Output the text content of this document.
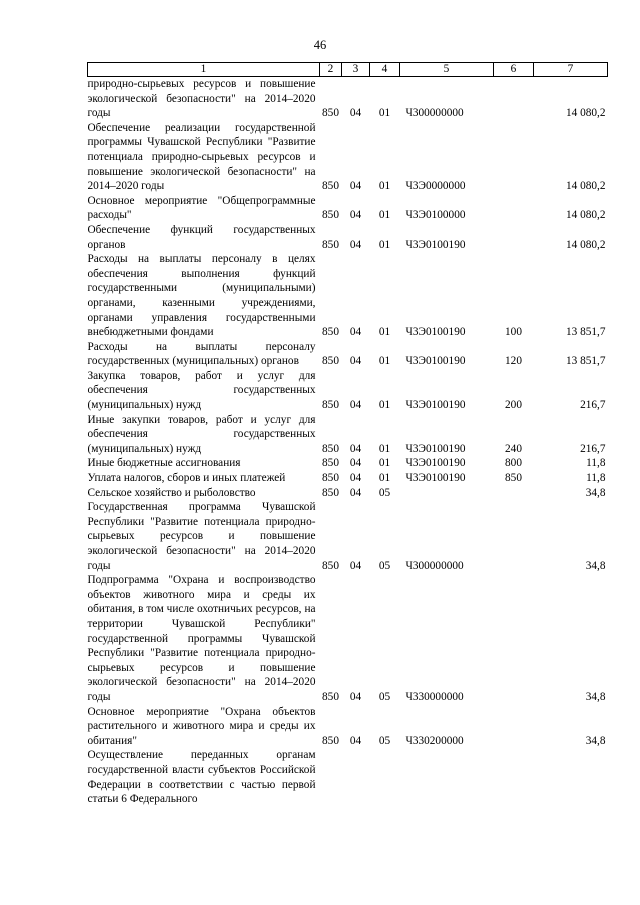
46
1	2	3	4	5	6	7
природно-сырьевых ресурсов и повышение экологической безопасности" на 2014–2020 годы	850	04	01	Ч300000000		14 080,2
Обеспечение реализации государственной программы Чувашской Республики "Развитие потенциала природно-сырьевых ресурсов и повышение экологической безопасности" на 2014–2020 годы	850	04	01	Ч3Э0000000		14 080,2
Основное мероприятие "Общепрограммные расходы"	850	04	01	Ч3Э0100000		14 080,2
Обеспечение функций государственных органов	850	04	01	Ч3Э0100190		14 080,2
Расходы на выплаты персоналу в целях обеспечения выполнения функций государственными (муниципальными) органами, казенными учреждениями, органами управления государственными внебюджетными фондами	850	04	01	Ч3Э0100190	100	13 851,7
Расходы на выплаты персоналу государственных (муниципальных) органов	850	04	01	Ч3Э0100190	120	13 851,7
Закупка товаров, работ и услуг для обеспечения государственных (муниципальных) нужд	850	04	01	Ч3Э0100190	200	216,7
Иные закупки товаров, работ и услуг для обеспечения государственных (муниципальных) нужд	850	04	01	Ч3Э0100190	240	216,7
Иные бюджетные ассигнования	850	04	01	Ч3Э0100190	800	11,8
Уплата налогов, сборов и иных платежей	850	04	01	Ч3Э0100190	850	11,8
Сельское хозяйство и рыболовство	850	04	05			34,8
Государственная программа Чувашской Республики "Развитие потенциала природно-сырьевых ресурсов и повышение экологической безопасности" на 2014–2020 годы	850	04	05	Ч300000000		34,8
Подпрограмма "Охрана и воспроизводство объектов животного мира и среды их обитания, в том числе охотничьих ресурсов, на территории Чувашской Республики" государственной программы Чувашской Республики "Развитие потенциала природно-сырьевых ресурсов и повышение экологической безопасности" на 2014–2020 годы	850	04	05	Ч330000000		34,8
Основное мероприятие "Охрана объектов растительного и животного мира и среды их обитания"	850	04	05	Ч330200000		34,8
Осуществление переданных органам государственной власти субъектов Российской Федерации в соответствии с частью первой статьи 6 Федерального						
